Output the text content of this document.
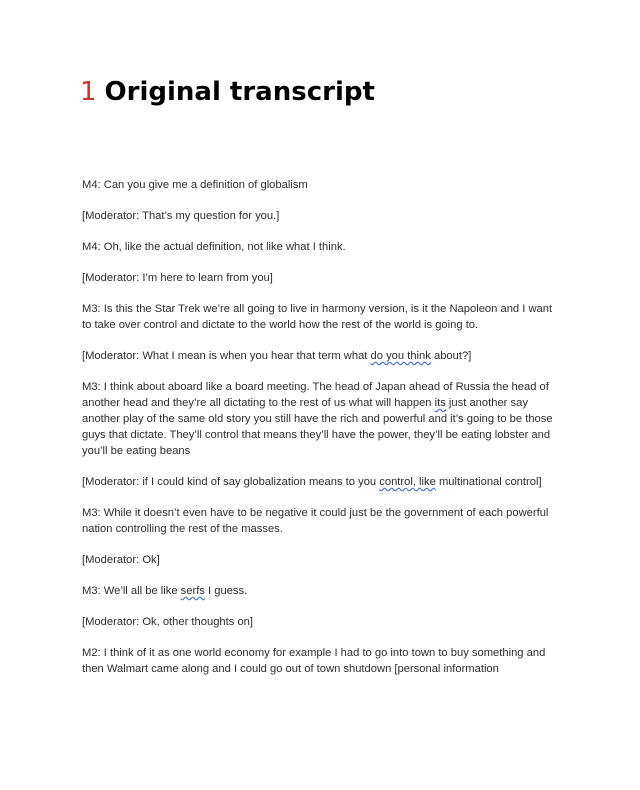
1 Original transcript

M4: Can you give me a definition of globalism

[Moderator: That’s my question for you.]

M4: Oh, like the actual definition, not like what I think.

[Moderator: I’m here to learn from you]

M3: Is this the Star Trek we’re all going to live in harmony version, is it the Napoleon and I want to take over control and dictate to the world how the rest of the world is going to.

[Moderator: What I mean is when you hear that term what do you think about?]

M3: I think about aboard like a board meeting. The head of Japan ahead of Russia the head of another head and they’re all dictating to the rest of us what will happen its just another say another play of the same old story you still have the rich and powerful and it’s going to be those guys that dictate. They’ll control that means they’ll have the power, they’ll be eating lobster and you’ll be eating beans

[Moderator: if I could kind of say globalization means to you control, like multinational control]

M3: While it doesn’t even have to be negative it could just be the government of each powerful nation controlling the rest of the masses.

[Moderator: Ok]

M3: We’ll all be like serfs I guess.

[Moderator: Ok, other thoughts on]

M2: I think of it as one world economy for example I had to go into town to buy something and then Walmart came along and I could go out of town shutdown [personal information
